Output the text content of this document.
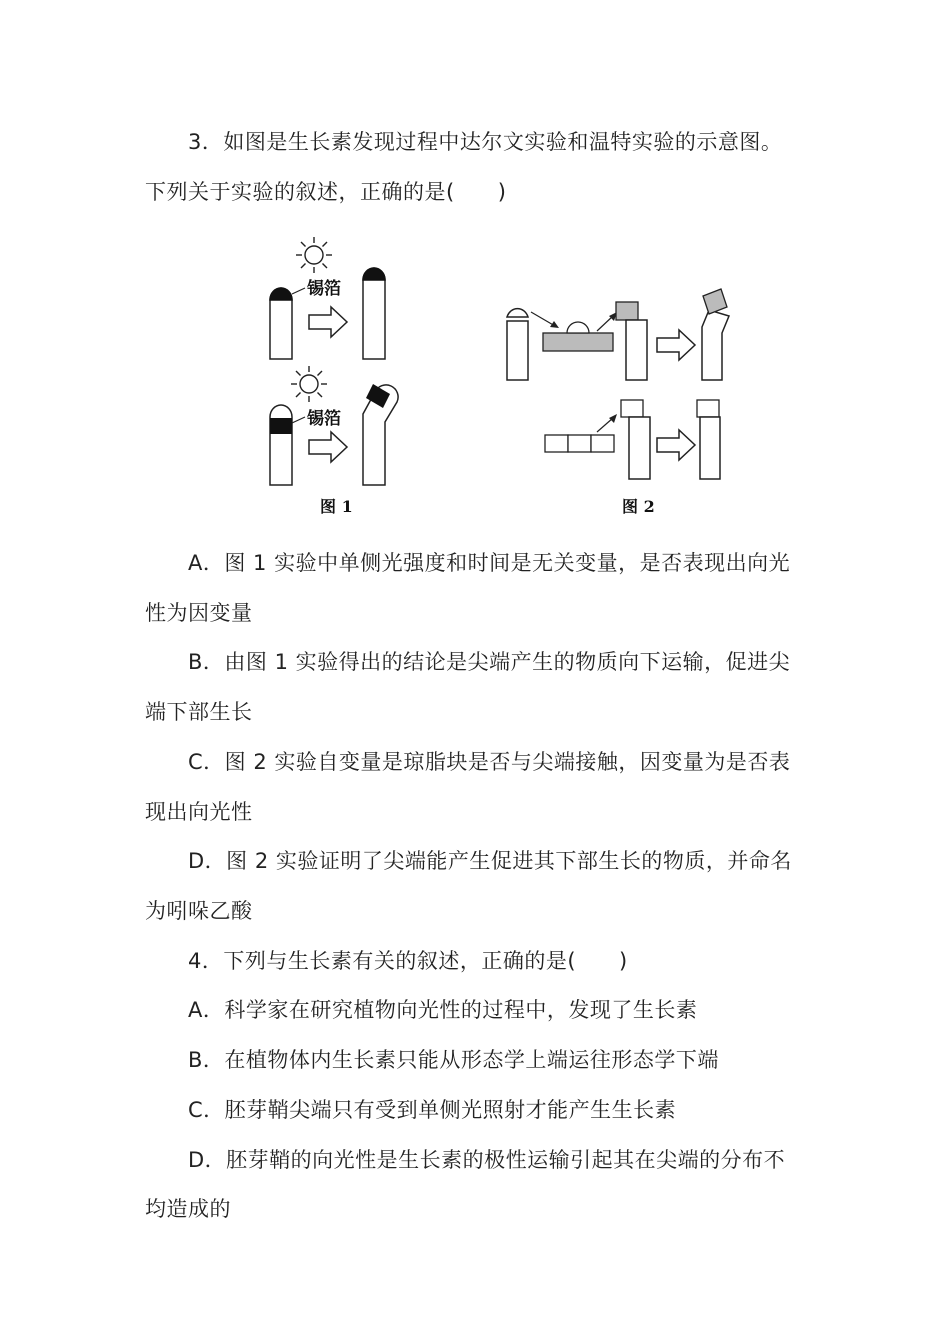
3．如图是生长素发现过程中达尔文实验和温特实验的示意图。
下列关于实验的叙述，正确的是(　　)
锡箔
锡箔
图 1	图 2
A．图 1 实验中单侧光强度和时间是无关变量，是否表现出向光
性为因变量
B．由图 1 实验得出的结论是尖端产生的物质向下运输，促进尖
端下部生长
C．图 2 实验自变量是琼脂块是否与尖端接触，因变量为是否表
现出向光性
D．图 2 实验证明了尖端能产生促进其下部生长的物质，并命名
为吲哚乙酸
4．下列与生长素有关的叙述，正确的是(　　)
A．科学家在研究植物向光性的过程中，发现了生长素
B．在植物体内生长素只能从形态学上端运往形态学下端
C．胚芽鞘尖端只有受到单侧光照射才能产生生长素
D．胚芽鞘的向光性是生长素的极性运输引起其在尖端的分布不
均造成的
